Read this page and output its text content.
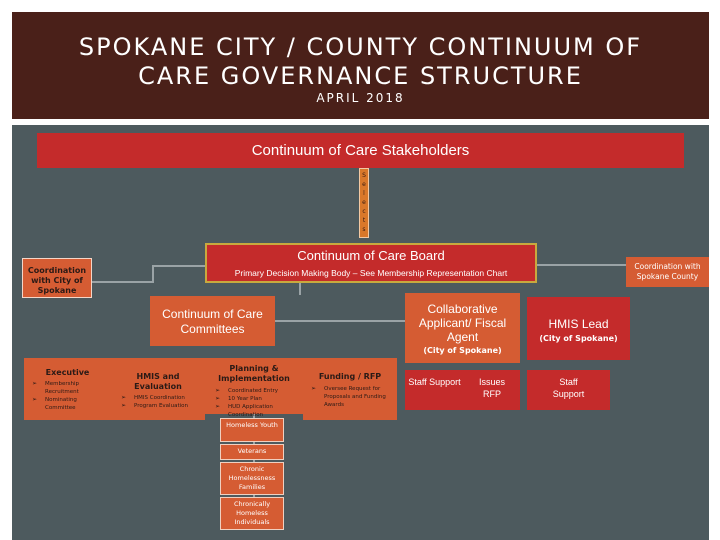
SPOKANE CITY / COUNTY CONTINUUM OF
CARE GOVERNANCE STRUCTURE
APRIL 2018
Continuum of Care Stakeholders
S
e
l
e
c
t
s
Continuum of Care Board
Primary Decision Making Body – See Membership Representation Chart
Coordination with City of Spokane
Coordination with Spokane County
Continuum of Care Committees
Collaborative Applicant/ Fiscal Agent
(City of Spokane)
HMIS Lead
(City of Spokane)
Executive
➢ Membership Recruitment
➢ Nominating Committee
HMIS and Evaluation
➢ HMIS Coordination
➢ Program Evaluation
Planning & Implementation
➢ Coordinated Entry
➢ 10 Year Plan
➢ HUD Application Coordination
Funding / RFP
➢ Oversee Request for Proposals and Funding Awards
Staff Support	Issues RFP
Staff Support
Homeless Youth
Veterans
Chronic Homelessness Families
Chronically Homeless Individuals
